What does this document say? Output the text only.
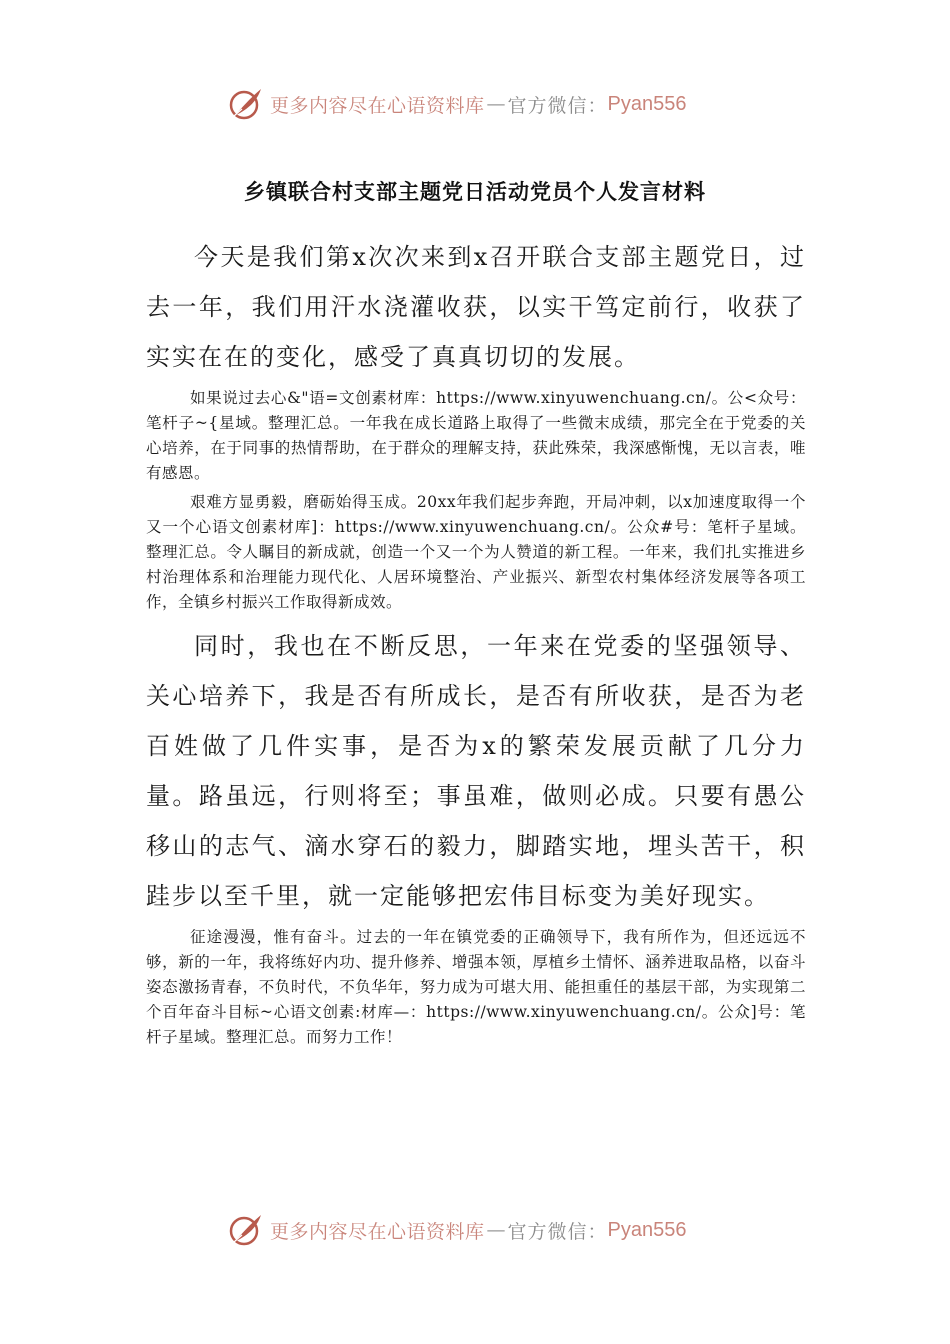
更多内容尽在心语资料库 — 官方微信： Pyan556
乡镇联合村支部主题党日活动党员个人发言材料

今天是我们第x次次来到x召开联合支部主题党日，过去一年，我们用汗水浇灌收获，以实干笃定前行，收获了实实在在的变化，感受了真真切切的发展。

如果说过去心&"语=文创素材库：https://www.xinyuwenchuang.cn/。公<众号：笔杆子~{星域。整理汇总。一年我在成长道路上取得了一些微末成绩，那完全在于党委的关心培养，在于同事的热情帮助，在于群众的理解支持，获此殊荣，我深感惭愧，无以言表，唯有感恩。

艰难方显勇毅，磨砺始得玉成。20xx年我们起步奔跑，开局冲刺，以x加速度取得一个又一个心语文创素材库]：https://www.xinyuwenchuang.cn/。公众#号：笔杆子星域。整理汇总。令人瞩目的新成就，创造一个又一个为人赞道的新工程。一年来，我们扎实推进乡村治理体系和治理能力现代化、人居环境整治、产业振兴、新型农村集体经济发展等各项工作，全镇乡村振兴工作取得新成效。

同时，我也在不断反思，一年来在党委的坚强领导、关心培养下，我是否有所成长，是否有所收获，是否为老百姓做了几件实事，是否为x的繁荣发展贡献了几分力量。路虽远，行则将至；事虽难，做则必成。只要有愚公移山的志气、滴水穿石的毅力，脚踏实地，埋头苦干，积跬步以至千里，就一定能够把宏伟目标变为美好现实。

征途漫漫，惟有奋斗。过去的一年在镇党委的正确领导下，我有所作为，但还远远不够，新的一年，我将练好内功、提升修养、增强本领，厚植乡土情怀、涵养进取品格，以奋斗姿态激扬青春，不负时代，不负华年，努力成为可堪大用、能担重任的基层干部，为实现第二个百年奋斗目标~心语文创素:材库—：https://www.xinyuwenchuang.cn/。公众]号：笔杆子星域。整理汇总。而努力工作！

更多内容尽在心语资料库 — 官方微信： Pyan556
